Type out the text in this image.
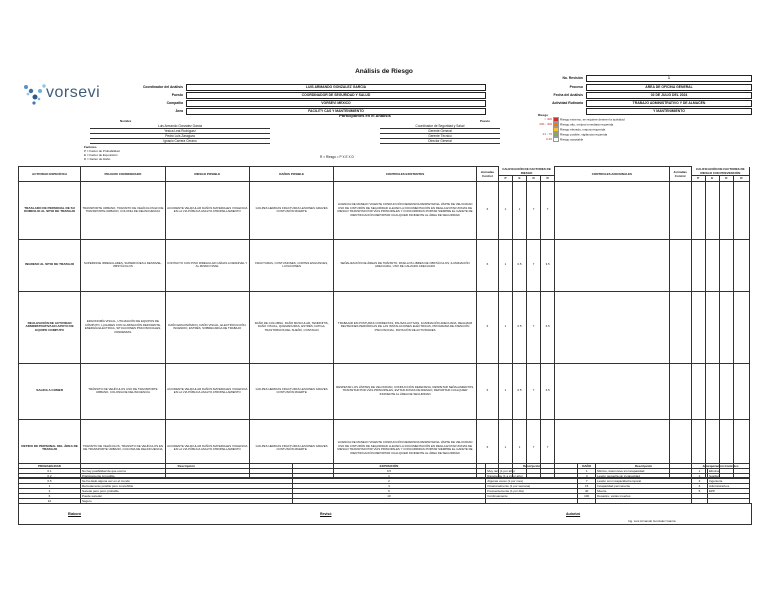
Análisis de Riesgo
vorsevi	Coordinador del Análisis	LUIS ARMANDO GONZALEZ GARCIA
Puesto	COORDINADOR DE SEGURIDAD Y SALUD
Compañía	VORSEVI MEXICO
Área	FACILITY CAS Y MANTENIMIENTO
No. Revisión	1
Proceso	ÁREA DE OFICINA GENERAL
Fecha del Análisis	02 DE JULIO DEL 2024
Actividad Rutinaria	TRABAJO ADMINISTRATIVO Y DE ALMACÉN
Y MANTENIMIENTO
Participantes en el Análisis
Nombre	Puesto
Luis Armando Gonzalez Garcia	Coordinador de Seguridad y Salud
Yesica Leal Rodriguez	Gerente General
Pedro Luis Zaragoza	Gerente Técnico
Ignacio Carrera Cerano	Director General
Factores
P = Factor de Probabilidad
E = Factor de Exposición
D = Factor de Daño	R = Riesgo = P X E X D
Riesgo
> 400	Riesgo extremo, se requiere detener la actividad
200 - 400	Riesgo alto, mejora inmediata requerida
Riesgo elevado, mejora requerida
21 - 70	Riesgo posible, vigilancia requerida
0-20	Riesgo aceptable
ACTIVIDAD ESPECÍFICA	PELIGRO CONSIDERADO	RIESGO POSIBLE	DAÑOS POSIBLE	CONTROLES EXISTENTES	Jornadas Control	CALIFICACIÓN DE FACTORES DE RIESGO				CONTROLES ADICIONALES	Jornadas Control	CALIFICACIÓN DE FACTORES DE RIESGO CON PREVENCIÓN			
						P	E	D	R			P	E	D	R
TRASLADO DE PERSONAL DE SU DOMICILIO AL SITIO DE TRABAJO	TRANSPORTE URBANO, TRANSITO DE VEHÍCULOS EN DE TRANSPORTE URBANO, COLONIA DE DELINCUENCIA	ACCIDENTE VEHICULAR DAÑOS MATERIALES VIOLENCIA EN LA VIA PÚBLICA ASALTO ATROPELLAMIENTO	GOLPES HERIDAS FRACTURAS LESIONES GRAVES CONTUSIÓN MUERTE	LICENCIA DE MANEJO VIGENTE CONDUCCIÓN DEFENSIVA RESPETAR EL LÍMITE DE VELOCIDAD USO DE CINTURÓN DE SEGURIDAD LLEVAR LA DOCUMENTACIÓN EN REGLA EVITAR ZONAS DE RIESGO TRANSITAR POR VÍAS PRINCIPALES Y CONCURRIDAS PORTAR SIEMPRE EL GAFETE DE IDENTIFICACIÓN REPORTAR CUALQUIER INCIDENTE AL ÁREA DE SEGURIDAD	6	1	1	7	7						
INGRESO AL SITIO DE TRABAJO	SUPERFICIE IRREGULARES, SUPERFICIES A DESNIVEL, OBSTÁCULOS	CONTACTO CON PISO IRREGULAR CAÍDAS A DESNIVEL Y AL MISMO NIVEL	FRACTURAS, CONTUSIONES, CORTES ESGUINCES, LUXACIONES	SEÑALIZACIÓN DE ÁREAS DE TRÁNSITO, PASILLOS LIBRES DE OBSTÁCULOS, ILUMINACIÓN ADECUADA, USO DE CALZADO ADECUADO	6	1	0.5	7	3.5						
REALIZACIÓN DE ACTIVIDAD ADMINISTRATIVA EN APOYO DE EQUIPO COMPUTO	ERGONOMÍA VISUAL, UTILIZACIÓN DE EQUIPOS DE CÓMPUTO, LUGARES CON ILUMINACIÓN DEFICIENTE, ENERGÍA ELÉCTRICA, SITUACIONES PSICOSOCIALES, PANDEMIAS	DAÑO ERGONÓMICO, DAÑO VISUAL, ELECTROCUCIÓN, INCENDIO, ESTRÉS, SOBRECARGA DE TRABAJO	DAÑO DE COLUMNA, DAÑO MUSCULAR, TENDINITIS, DAÑO VISUAL, QUEMADURAS, ESTRÉS, FATIGA, TRASTORNOS DEL SUEÑO, CONTAGIO	TRABAJAR EN POSTURAS CORRECTAS, PAUSAS ACTIVAS, ILUMINACIÓN ADECUADA, REALIZAR REVISIONES PERIÓDICAS DE LAS INSTALACIONES ELÉCTRICAS, PROGRAMA DE ATENCIÓN PSICOSOCIAL, ROTACIÓN DE ACTIVIDADES	6	1	0.5	7	3.5						
SALIDA A COMER	TRÁNSITO DE VEHÍCULOS USO DE TRANSPORTE URBANO, COLONIA DE DELINCUENCIA	ACCIDENTE VEHICULAR DAÑOS MATERIALES VIOLENCIA EN LA VIA PÚBLICA ASALTO ATROPELLAMIENTO	GOLPES HERIDAS FRACTURAS LESIONES GRAVES CONTUSIÓN MUERTE	RESPETAR LOS LÍMITES DE VELOCIDAD, CONDUCCIÓN DEFENSIVA, RESPETAR SEÑALAMIENTOS, TRANSITAR POR VÍAS PRINCIPALES, EVITAR ZONAS DE RIESGO, REPORTAR CUALQUIER INCIDENTE AL ÁREA DE SEGURIDAD	6	1	0.5	7	3.5						
RETIRO DE PERSONAL DEL ÁREA DE TRABAJO	TRANSITO DE VEHÍCULOS, TRANSITO DE VEHÍCULOS EN DE TRANSPORTE URBANO, COLONIA DE DELINCUENCIA	ACCIDENTE VEHICULAR DAÑOS MATERIALES VIOLENCIA EN LA VIA PÚBLICA ASALTO ATROPELLAMIENTO	GOLPES HERIDAS FRACTURAS LESIONES GRAVES CONTUSIÓN MUERTE	LICENCIA DE MANEJO VIGENTE CONDUCCIÓN DEFENSIVA RESPETAR EL LÍMITE DE VELOCIDAD USO DE CINTURÓN DE SEGURIDAD LLEVAR LA DOCUMENTACIÓN EN REGLA EVITAR ZONAS DE RIESGO TRANSITAR POR VÍAS PRINCIPALES Y CONCURRIDAS PORTAR SIEMPRE EL GAFETE DE IDENTIFICACIÓN REPORTAR CUALQUIER INCIDENTE AL ÁREA DE SEGURIDAD	6	1	1	7	7						
PROBABILIDAD	Descripción	EXPOSICIÓN	Descripción	DAÑO	Descripción	Jerarquización Controles	
0.1	No hay posibilidad de que ocurra	0.5	Muy raro (1 por año)	1	Mínimo, lesión leve sin incapacidad	1	Eliminar
0.2	Prácticamente imposible	1	Raramente (1 a 2 por año)	3	Lesión pequeña sin incapacidad	2	Sustituir
0.5	Se ha dado alguna vez en el mundo	2	Algunas veces (1 por mes)	7	Lesión con incapacidad temporal	3	Ingeniería
1	Remotamente posible pero concebible	3	Ocasionalmente (1 por semana)	15	Incapacidad permanente	4	Administrativos
3	Sucede pero poco probable	6	Frecuentemente (1 por día)	40	Muerte	5	EPP
6	Puede suceder	10	Continuamente	100	Desastre, varias muertes		
10	Seguro						
Elaboró	Revisó	Autorizó
Ing. Luis Armando Gonzalez García
